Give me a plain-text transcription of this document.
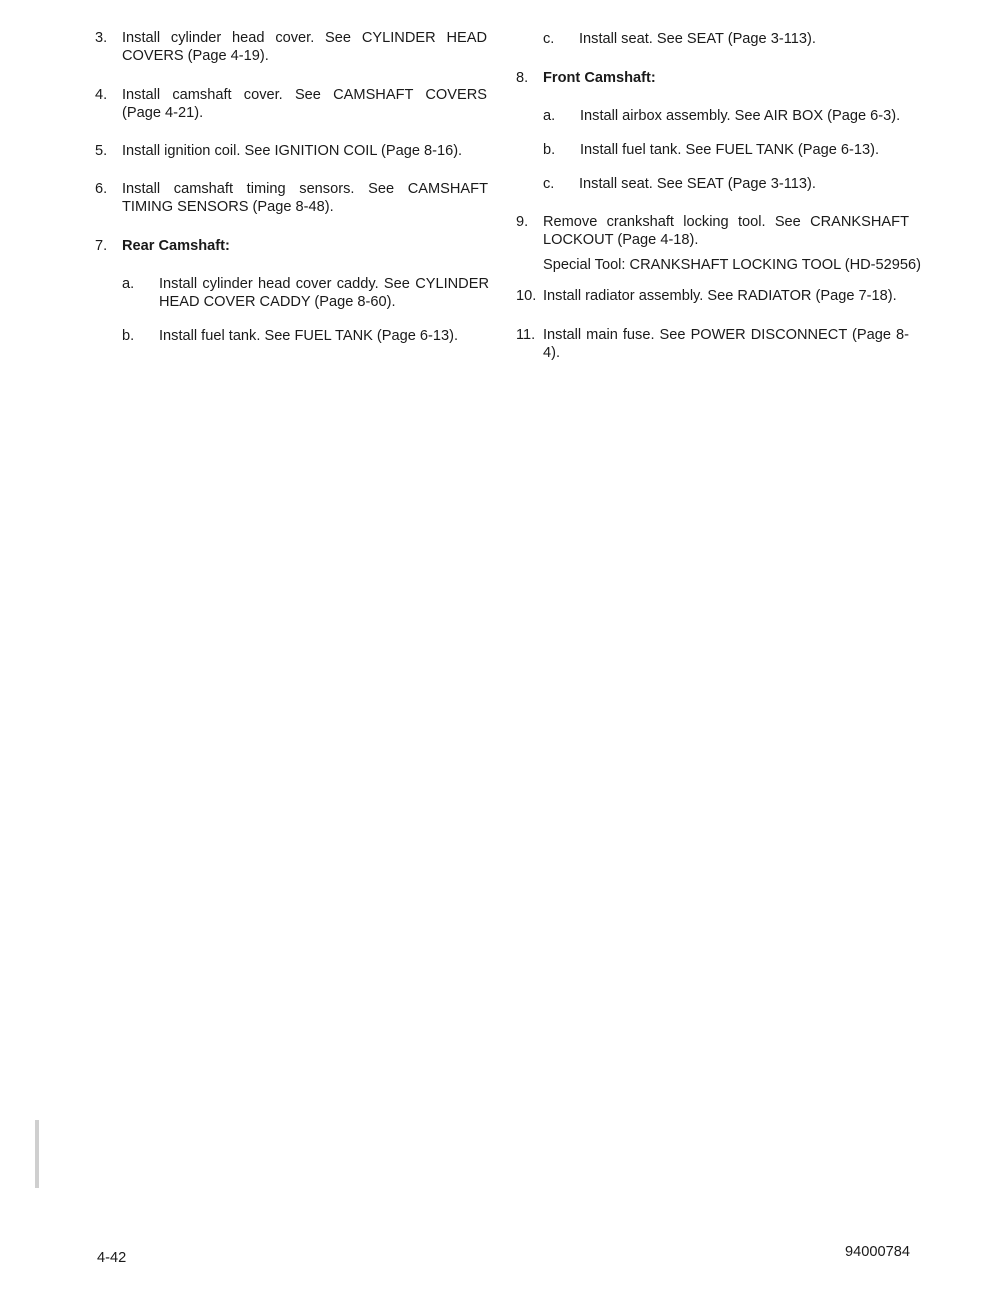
3. Install cylinder head cover. See CYLINDER HEAD COVERS (Page 4-19).
4. Install camshaft cover. See CAMSHAFT COVERS (Page 4-21).
5. Install ignition coil. See IGNITION COIL (Page 8-16).
6. Install camshaft timing sensors. See CAMSHAFT TIMING SENSORS (Page 8-48).
7. Rear Camshaft:
a. Install cylinder head cover caddy. See CYLINDER HEAD COVER CADDY (Page 8-60).
b. Install fuel tank. See FUEL TANK (Page 6-13).
c. Install seat. See SEAT (Page 3-113).
8. Front Camshaft:
a. Install airbox assembly. See AIR BOX (Page 6-3).
b. Install fuel tank. See FUEL TANK (Page 6-13).
c. Install seat. See SEAT (Page 3-113).
9. Remove crankshaft locking tool. See CRANKSHAFT LOCKOUT (Page 4-18).
Special Tool: CRANKSHAFT LOCKING TOOL (HD-52956)
10. Install radiator assembly. See RADIATOR (Page 7-18).
11. Install main fuse. See POWER DISCONNECT (Page 8-4).
4-42	94000784
